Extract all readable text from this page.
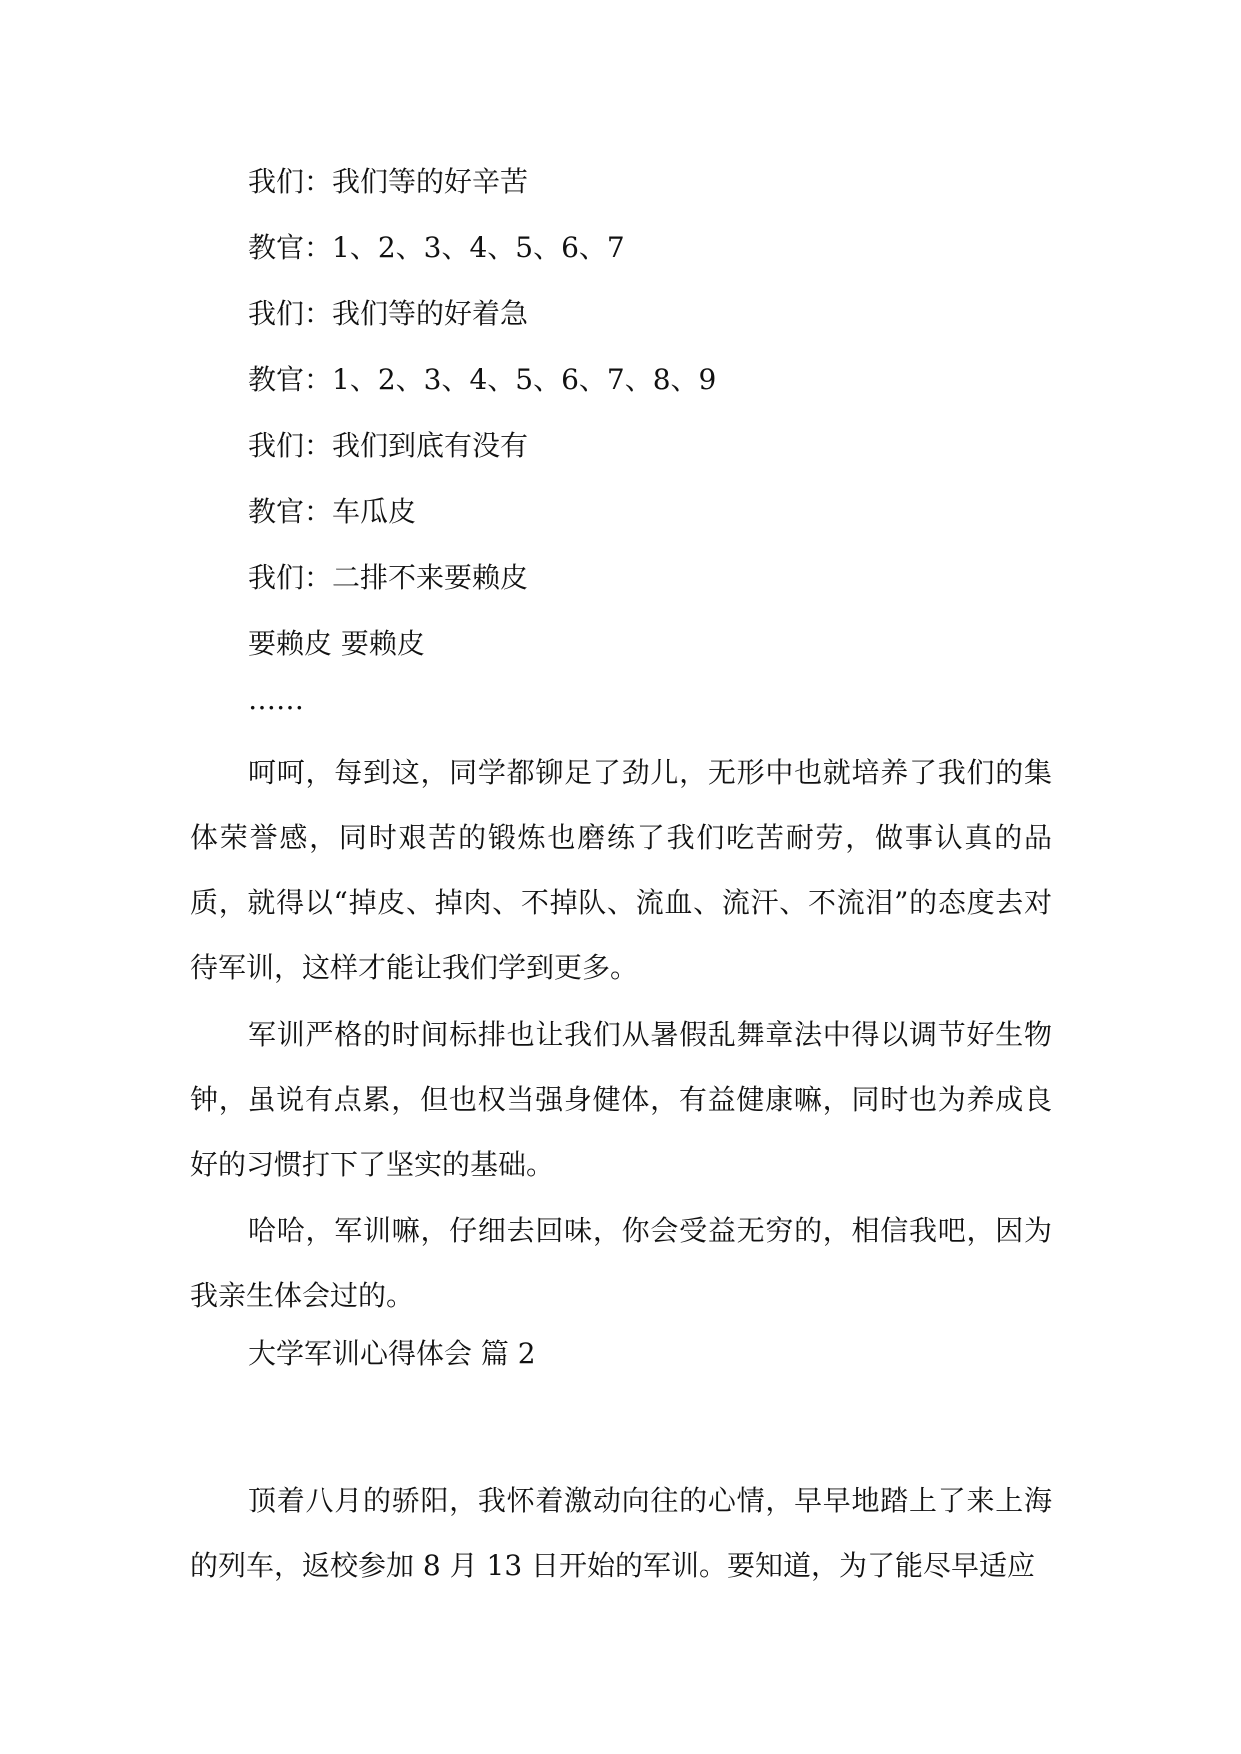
我们：我们等的好辛苦
教官：1、2、3、4、5、6、7
我们：我们等的好着急
教官：1、2、3、4、5、6、7、8、9
我们：我们到底有没有
教官：车瓜皮
我们：二排不来要赖皮
要赖皮 要赖皮
……

呵呵，每到这，同学都铆足了劲儿，无形中也就培养了我们的集体荣誉感，同时艰苦的锻炼也磨练了我们吃苦耐劳，做事认真的品质，就得以“掉皮、掉肉、不掉队、流血、流汗、不流泪”的态度去对待军训，这样才能让我们学到更多。

军训严格的时间标排也让我们从暑假乱舞章法中得以调节好生物钟，虽说有点累，但也权当强身健体，有益健康嘛，同时也为养成良好的习惯打下了坚实的基础。

哈哈，军训嘛，仔细去回味，你会受益无穷的，相信我吧，因为我亲生体会过的。

大学军训心得体会 篇 2

顶着八月的骄阳，我怀着激动向往的心情，早早地踏上了来上海的列车，返校参加 8 月 13 日开始的军训。要知道，为了能尽早适应
